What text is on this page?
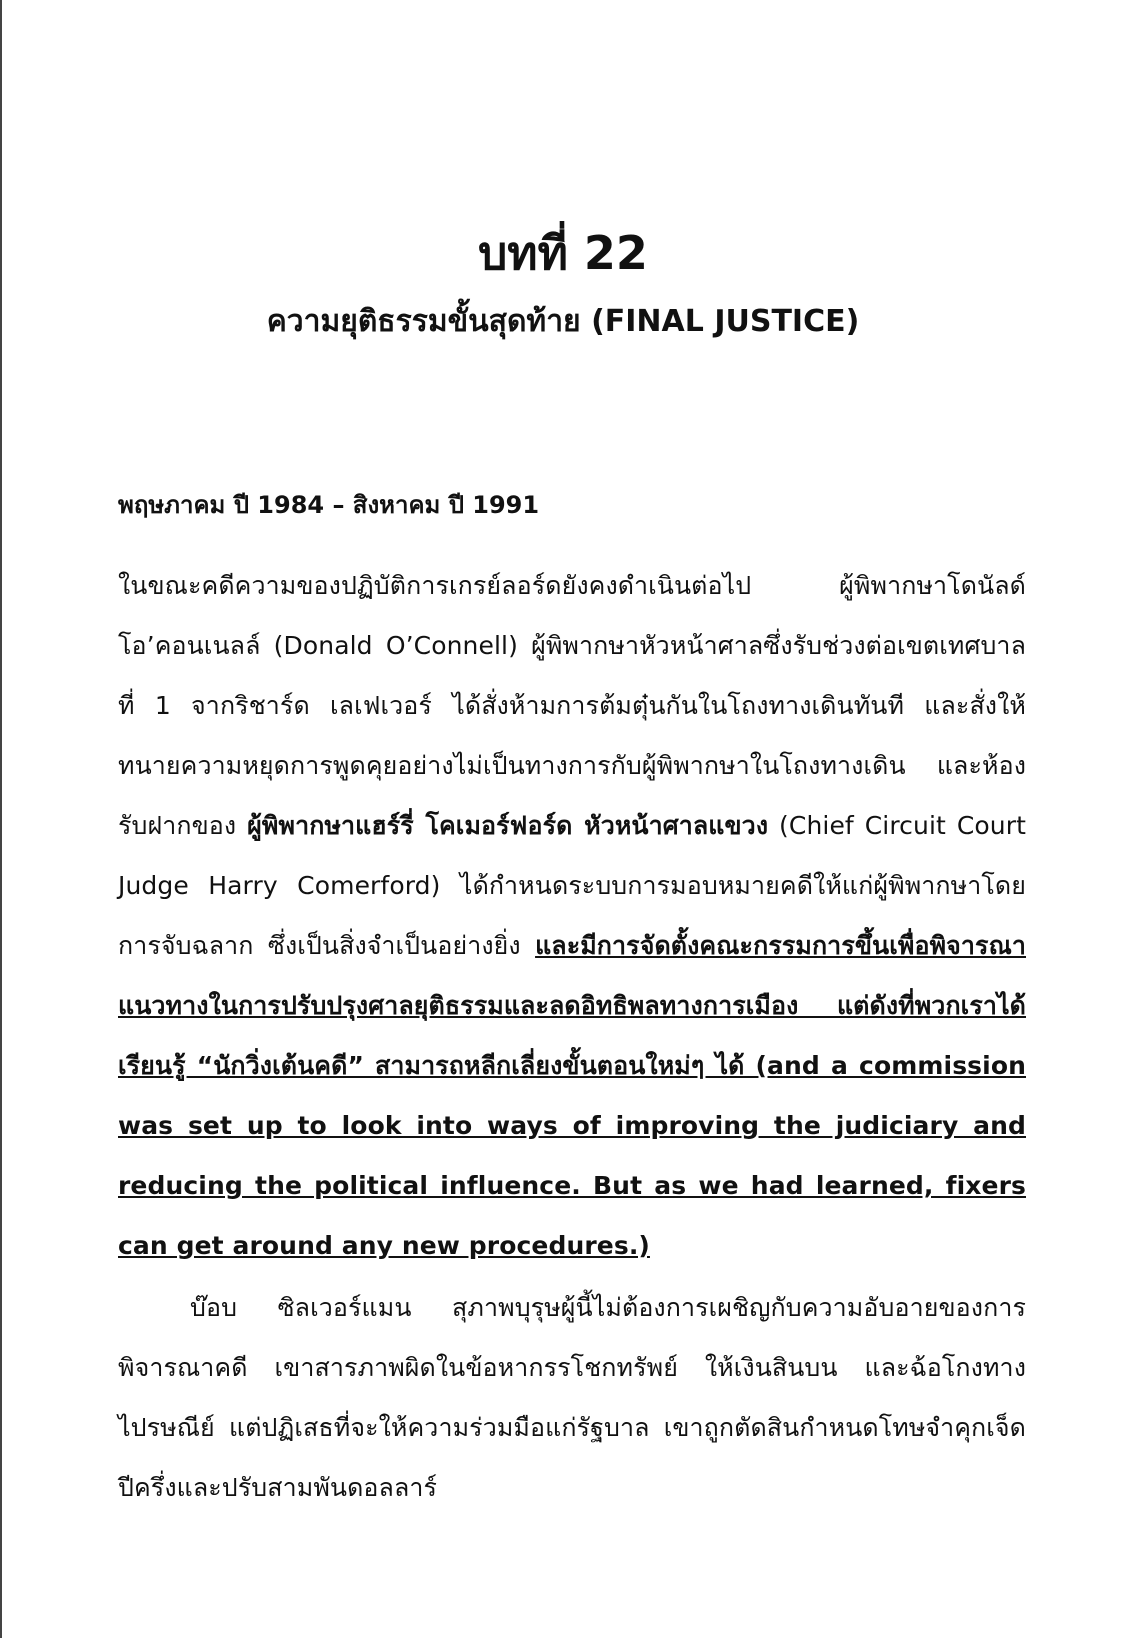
บทที่ 22
ความยุติธรรมขั้นสุดท้าย (FINAL JUSTICE)
พฤษภาคม ปี 1984 – สิงหาคม ปี 1991

ในขณะคดีความของปฏิบัติการเกรย์ลอร์ดยังคงดำเนินต่อไป ผู้พิพากษาโดนัลด์ โอ’คอนเนลล์ (Donald O’Connell) ผู้พิพากษาหัวหน้าศาลซึ่งรับช่วงต่อเขตเทศบาลที่ 1 จากริชาร์ด เลเฟเวอร์ ได้สั่งห้ามการต้มตุ๋นกันในโถงทางเดินทันที และสั่งให้ทนายความหยุดการพูดคุยอย่างไม่เป็นทางการกับผู้พิพากษาในโถงทางเดิน และห้องรับฝากของ ผู้พิพากษาแฮร์รี่ โคเมอร์ฟอร์ด หัวหน้าศาลแขวง (Chief Circuit Court Judge Harry Comerford) ได้กำหนดระบบการมอบหมายคดีให้แก่ผู้พิพากษาโดยการจับฉลาก ซึ่งเป็นสิ่งจำเป็นอย่างยิ่ง และมีการจัดตั้งคณะกรรมการขึ้นเพื่อพิจารณาแนวทางในการปรับปรุงศาลยุติธรรมและลดอิทธิพลทางการเมือง แต่ดังที่พวกเราได้เรียนรู้ “นักวิ่งเต้นคดี” สามารถหลีกเลี่ยงขั้นตอนใหม่ๆ ได้ (and a commission was set up to look into ways of improving the judiciary and reducing the political influence. But as we had learned, fixers can get around any new procedures.)

บ๊อบ ซิลเวอร์แมน สุภาพบุรุษผู้นี้ไม่ต้องการเผชิญกับความอับอายของการพิจารณาคดี เขาสารภาพผิดในข้อหากรรโชกทรัพย์ ให้เงินสินบน และฉ้อโกงทางไปรษณีย์ แต่ปฏิเสธที่จะให้ความร่วมมือแก่รัฐบาล เขาถูกตัดสินกำหนดโทษจำคุกเจ็ดปีครึ่งและปรับสามพันดอลลาร์
